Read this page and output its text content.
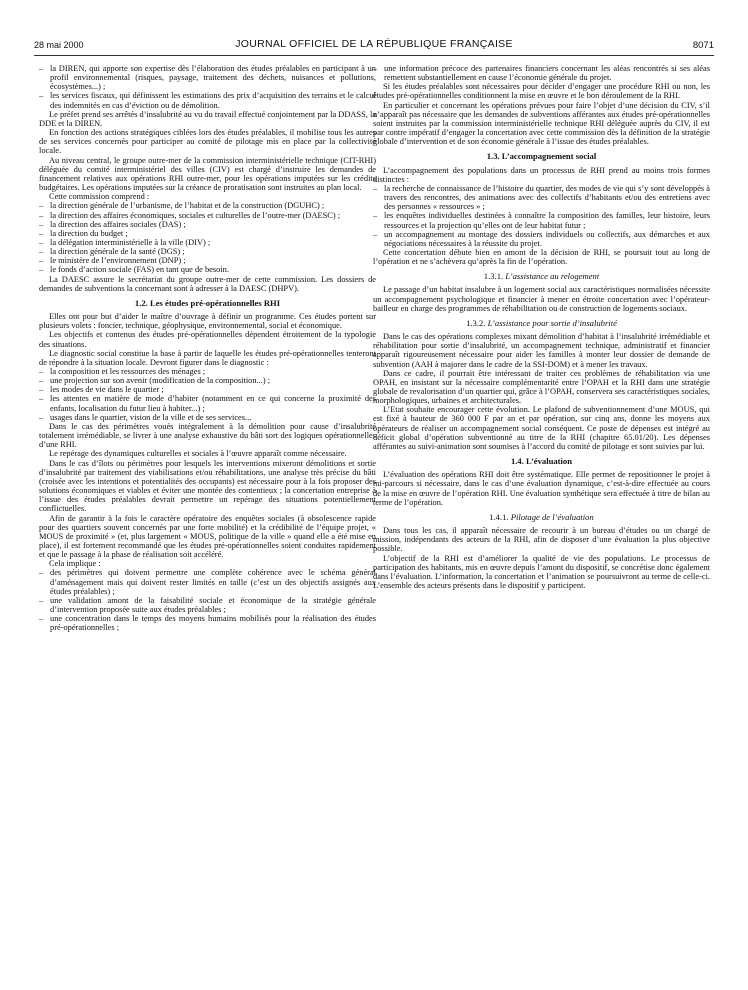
28 mai 2000	JOURNAL OFFICIEL DE LA RÉPUBLIQUE FRANÇAISE	8071
– la DIREN, qui apporte son expertise dès l’élaboration des études préalables en participant à un profil environnemental (risques, paysage, traitement des déchets, nuisances et pollutions, écosystèmes...) ;
– les services fiscaux, qui définissent les estimations des prix d’acquisition des terrains et le calcul des indemnités en cas d’éviction ou de démolition.

Le préfet prend ses arrêtés d’insalubrité au vu du travail effectué conjointement par la DDASS, la DDE et la DIREN.

En fonction des actions stratégiques ciblées lors des études préalables, il mobilise tous les autres de ses services concernés pour participer au comité de pilotage mis en place par la collectivité locale.

Au niveau central, le groupe outre-mer de la commission interministérielle technique (CIT-RHI) déléguée du comité interministériel des villes (CIV) est chargé d’instruire les demandes de financement relatives aux opérations RHI outre-mer, pour les opérations imputées sur les crédits budgétaires. Les opérations imputées sur la créance de proratisation sont instruites au plan local.

Cette commission comprend :

– la direction générale de l’urbanisme, de l’habitat et de la construction (DGUHC) ;
– la direction des affaires économiques, sociales et culturelles de l’outre-mer (DAESC) ;
– la direction des affaires sociales (DAS) ;
– la direction du budget ;
– la délégation interministérielle à la ville (DIV) ;
– la direction générale de la santé (DGS) ;
– le ministère de l’environnement (DNP) ;
– le fonds d’action sociale (FAS) en tant que de besoin.

La DAESC assure le secrétariat du groupe outre-mer de cette commission. Les dossiers de demandes de subventions la concernant sont à adresser à la DAESC (DHPV).

1.2. Les études pré-opérationnelles RHI

Elles ont pour but d’aider le maître d’ouvrage à définir un programme. Ces études portent sur plusieurs volets : foncier, technique, géophysique, environnemental, social et économique.

Les objectifs et contenus des études pré-opérationnelles dépendent étroitement de la typologie des situations.

Le diagnostic social constitue la base à partir de laquelle les études pré-opérationnelles tenteront de répondre à la situation locale. Devront figurer dans le diagnostic :

– la composition et les ressources des ménages ;
– une projection sur son avenir (modification de la composition...) ;
– les modes de vie dans le quartier ;
– les attentes en matière de mode d’habiter (notamment en ce qui concerne la proximité des enfants, localisation du futur lieu à habiter...) ;
– usages dans le quartier, vision de la ville et de ses services...

Dans le cas des périmètres voués intégralement à la démolition pour cause d’insalubrité totalement irrémédiable, se livrer à une analyse exhaustive du bâti sort des logiques opérationnelles d’une RHI.

Le repérage des dynamiques culturelles et sociales à l’œuvre apparaît comme nécessaire.

Dans le cas d’îlots ou périmètres pour lesquels les interventions mixeront démolitions et sortie d’insalubrité par traitement des viabilisations et/ou réhabilitations, une analyse très précise du bâti (croisée avec les intentions et potentialités des occupants) est nécessaire pour à la fois proposer des solutions économiques et viables et éviter une montée des contentieux ; la concertation entreprise à l’issue des études préalables devrait permettre un repérage des situations potentiellement conflictuelles.

Afin de garantir à la fois le caractère opératoire des enquêtes sociales (à obsolescence rapide pour des quartiers souvent concernés par une forte mobilité) et la crédibilité de l’équipe projet, « MOUS de proximité » (et, plus largement « MOUS, politique de la ville » quand elle a été mise en place), il est fortement recommandé que les études pré-opérationnelles soient conduites rapidement et que le passage à la phase de réalisation soit accéléré.

Cela implique :

– des périmètres qui doivent permettre une complète cohérence avec le schéma général d’aménagement mais qui doivent rester limités en taille (c’est un des objectifs assignés aux études préalables) ;
– une validation amont de la faisabilité sociale et économique de la stratégie générale d’intervention proposée suite aux études préalables ;
– une concentration dans le temps des moyens humains mobilisés pour la réalisation des études pré-opérationnelles ;
– une information précoce des partenaires financiers concernant les aléas rencontrés si ses aléas remettent substantiellement en cause l’économie générale du projet.

Si les études préalables sont nécessaires pour décider d’engager une procédure RHI ou non, les études pré-opérationnelles conditionnent la mise en œuvre et le bon déroulement de la RHI.

En particulier et concernant les opérations prévues pour faire l’objet d’une décision du CIV, s’il n’apparaît pas nécessaire que les demandes de subventions afférantes aux études pré-opérationnelles soient instruites par la commission interministérielle technique RHI déléguée auprès du CIV, il est par contre impératif d’engager la concertation avec cette commission dès la définition de la stratégie globale d’intervention et de son économie générale à l’issue des études préalables.

1.3. L’accompagnement social

L’accompagnement des populations dans un processus de RHI prend au moins trois formes distinctes :

– la recherche de connaissance de l’histoire du quartier, des modes de vie qui s’y sont développés à travers des rencontres, des animations avec des collectifs d’habitants et/ou des entretiens avec des personnes « ressources » ;
– les enquêtes individuelles destinées à connaître la composition des familles, leur histoire, leurs ressources et la projection qu’elles ont de leur habitat futur ;
– un accompagnement au montage des dossiers individuels ou collectifs, aux démarches et aux négociations nécessaires à la réussite du projet.

Cette concertation débute bien en amont de la décision de RHI, se poursuit tout au long de l’opération et ne s’achèvera qu’après la fin de l’opération.

1.3.1. L’assistance au relogement

Le passage d’un habitat insalubre à un logement social aux caractéristiques normalisées nécessite un accompagnement psychologique et financier à mener en étroite concertation avec l’opérateur-bailleur en charge des programmes de réhabilitation ou de construction de logements sociaux.

1.3.2. L’assistance pour sortie d’insalubrité

Dans le cas des opérations complexes mixant démolition d’habitat à l’insalubrité irrémédiable et réhabilitation pour sortie d’insalubrité, un accompagnement technique, administratif et financier apparaît rigoureusement nécessaire pour aider les familles à monter leur dossier de demande de subvention (AAH à majorer dans le cadre de la SSI-DOM) et à mener les travaux.

Dans ce cadre, il pourrait être intéressant de traiter ces problèmes de réhabilitation via une OPAH, en insistant sur la nécessaire complémentarité entre l’OPAH et la RHI dans une stratégie globale de revalorisation d’un quartier qui, grâce à l’OPAH, conservera ses caractéristiques sociales, morphologiques, urbaines et architecturales.

L’Etat souhaite encourager cette évolution. Le plafond de subventionnement d’une MOUS, qui est fixé à hauteur de 360 000 F par an et par opération, sur cinq ans, donne les moyens aux opérateurs de réaliser un accompagnement social conséquent. Ce poste de dépenses est intégré au déficit global d’opération subventionné au titre de la RHI (chapitre 65.01/20). Les dépenses afférantes au suivi-animation sont soumises à l’accord du comité de pilotage et sont suivies par lui.

1.4. L’évaluation

L’évaluation des opérations RHI doit être systématique. Elle permet de repositionner le projet à mi-parcours si nécessaire, dans le cas d’une évaluation dynamique, c’est-à-dire effectuée au cours de la mise en œuvre de l’opération RHI. Une évaluation synthétique sera effectuée à titre de bilan au terme de l’opération.

1.4.1. Pilotage de l’évaluation

Dans tous les cas, il apparaît nécessaire de recourir à un bureau d’études ou un chargé de mission, indépendants des acteurs de la RHI, afin de disposer d’une évaluation la plus objective possible.

L’objectif de la RHI est d’améliorer la qualité de vie des populations. Le processus de participation des habitants, mis en œuvre depuis l’amont du dispositif, se concrétise donc également dans l’évaluation. L’information, la concertation et l’animation se poursuivront au terme de celle-ci. L’ensemble des acteurs présents dans le dispositif y participent.
